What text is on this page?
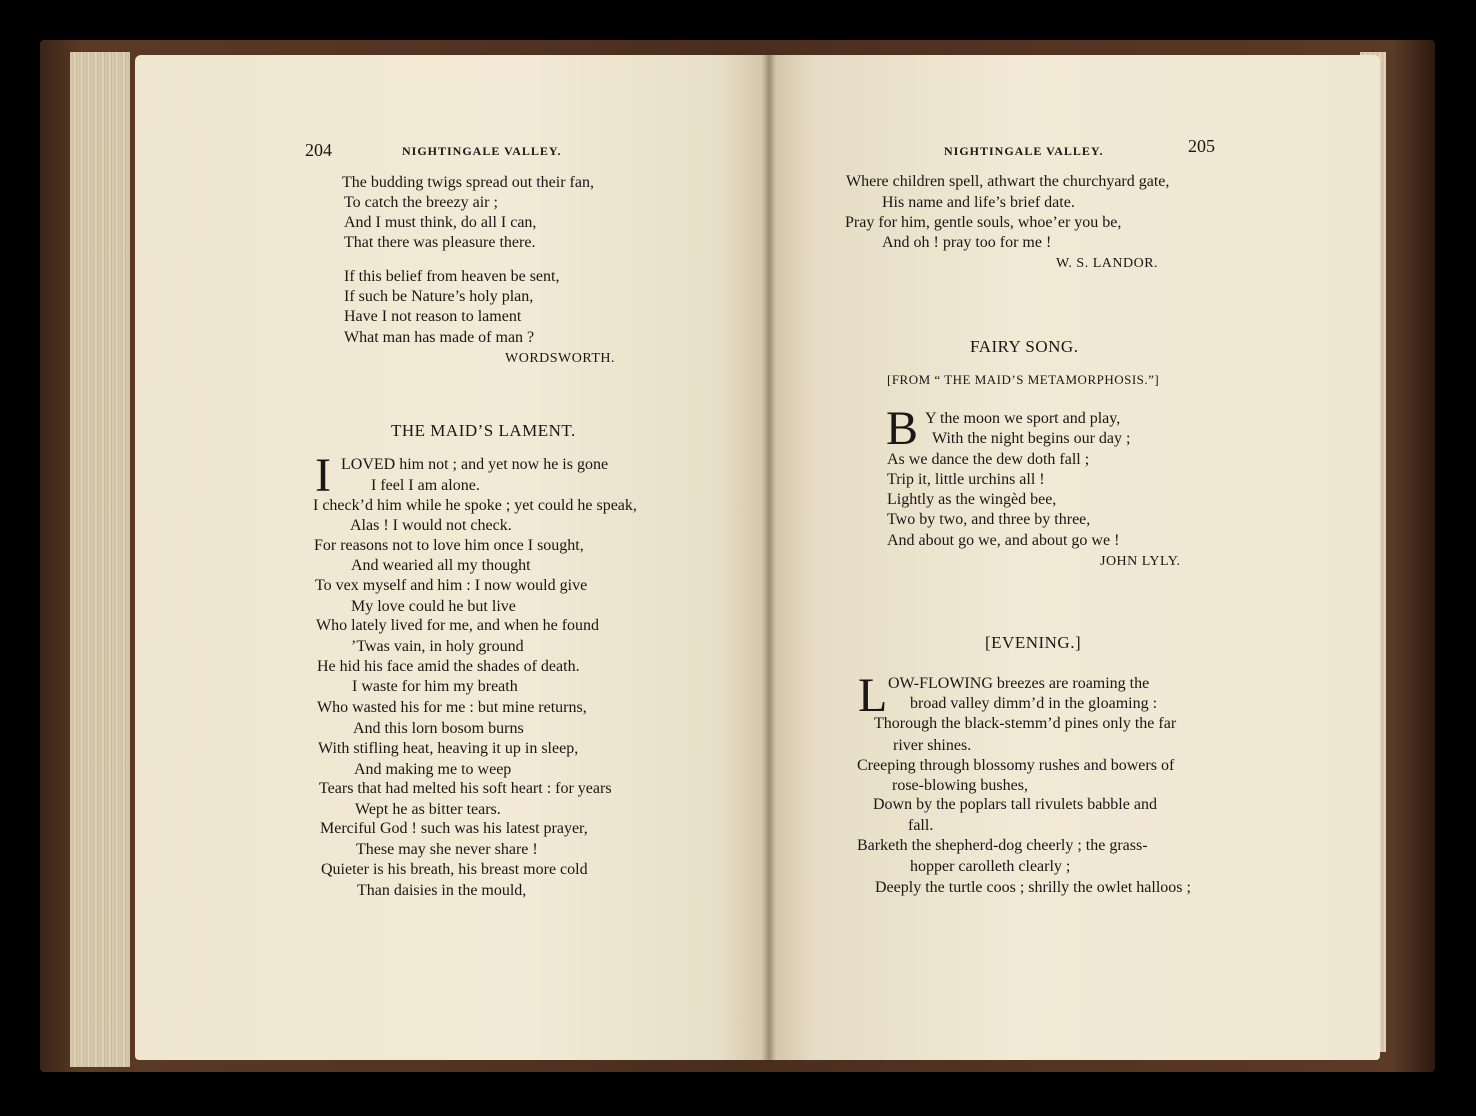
204	NIGHTINGALE VALLEY.
The budding twigs spread out their fan,
To catch the breezy air ;
And I must think, do all I can,
That there was pleasure there.
If this belief from heaven be sent,
If such be Nature’s holy plan,
Have I not reason to lament
What man has made of man ?
WORDSWORTH.
THE MAID’S LAMENT.
I LOVED him not ; and yet now he is gone
I feel I am alone.
I check’d him while he spoke ; yet could he speak,
Alas ! I would not check.
For reasons not to love him once I sought,
And wearied all my thought
To vex myself and him : I now would give
My love could he but live
Who lately lived for me, and when he found
’Twas vain, in holy ground
He hid his face amid the shades of death.
I waste for him my breath
Who wasted his for me : but mine returns,
And this lorn bosom burns
With stifling heat, heaving it up in sleep,
And making me to weep
Tears that had melted his soft heart : for years
Wept he as bitter tears.
Merciful God ! such was his latest prayer,
These may she never share !
Quieter is his breath, his breast more cold
Than daisies in the mould,
NIGHTINGALE VALLEY.	205
Where children spell, athwart the churchyard gate,
His name and life’s brief date.
Pray for him, gentle souls, whoe’er you be,
And oh ! pray too for me !
W. S. LANDOR.
FAIRY SONG.
[FROM “ THE MAID’S METAMORPHOSIS.”]
B Y the moon we sport and play,
With the night begins our day ;
As we dance the dew doth fall ;
Trip it, little urchins all !
Lightly as the wingèd bee,
Two by two, and three by three,
And about go we, and about go we !
JOHN LYLY.
[EVENING.]
L OW-FLOWING breezes are roaming the
broad valley dimm’d in the gloaming :
Thorough the black-stemm’d pines only the far
river shines.
Creeping through blossomy rushes and bowers of
rose-blowing bushes,
Down by the poplars tall rivulets babble and
fall.
Barketh the shepherd-dog cheerly ; the grass-
hopper carolleth clearly ;
Deeply the turtle coos ; shrilly the owlet halloos ;
